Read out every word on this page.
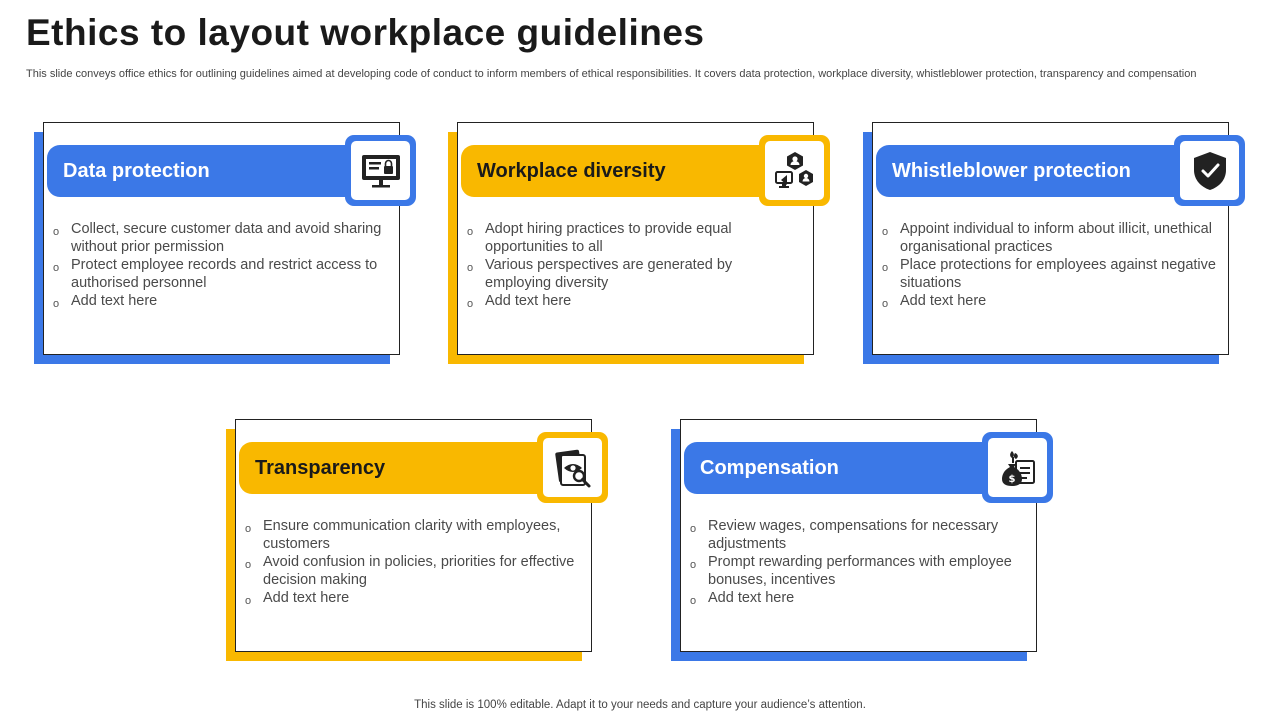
Ethics to layout workplace guidelines
This slide conveys office ethics for outlining guidelines aimed at developing code of conduct to inform members of ethical responsibilities. It covers data protection, workplace diversity, whistleblower protection, transparency and compensation
Data protection
o Collect, secure customer data and avoid sharing without prior permission
o Protect employee records and restrict access to authorised personnel
o Add text here
Workplace diversity
o Adopt hiring practices to provide equal opportunities to all
o Various perspectives are generated by employing diversity
o Add text here
Whistleblower protection
o Appoint individual to inform about illicit, unethical organisational practices
o Place protections for employees against negative situations
o Add text here
Transparency
o Ensure communication clarity with employees, customers
o Avoid confusion in policies, priorities for effective decision making
o Add text here
Compensation	$
o Review wages, compensations for necessary adjustments
o Prompt rewarding performances with employee bonuses, incentives
o Add text here
This slide is 100% editable. Adapt it to your needs and capture your audience’s attention.
